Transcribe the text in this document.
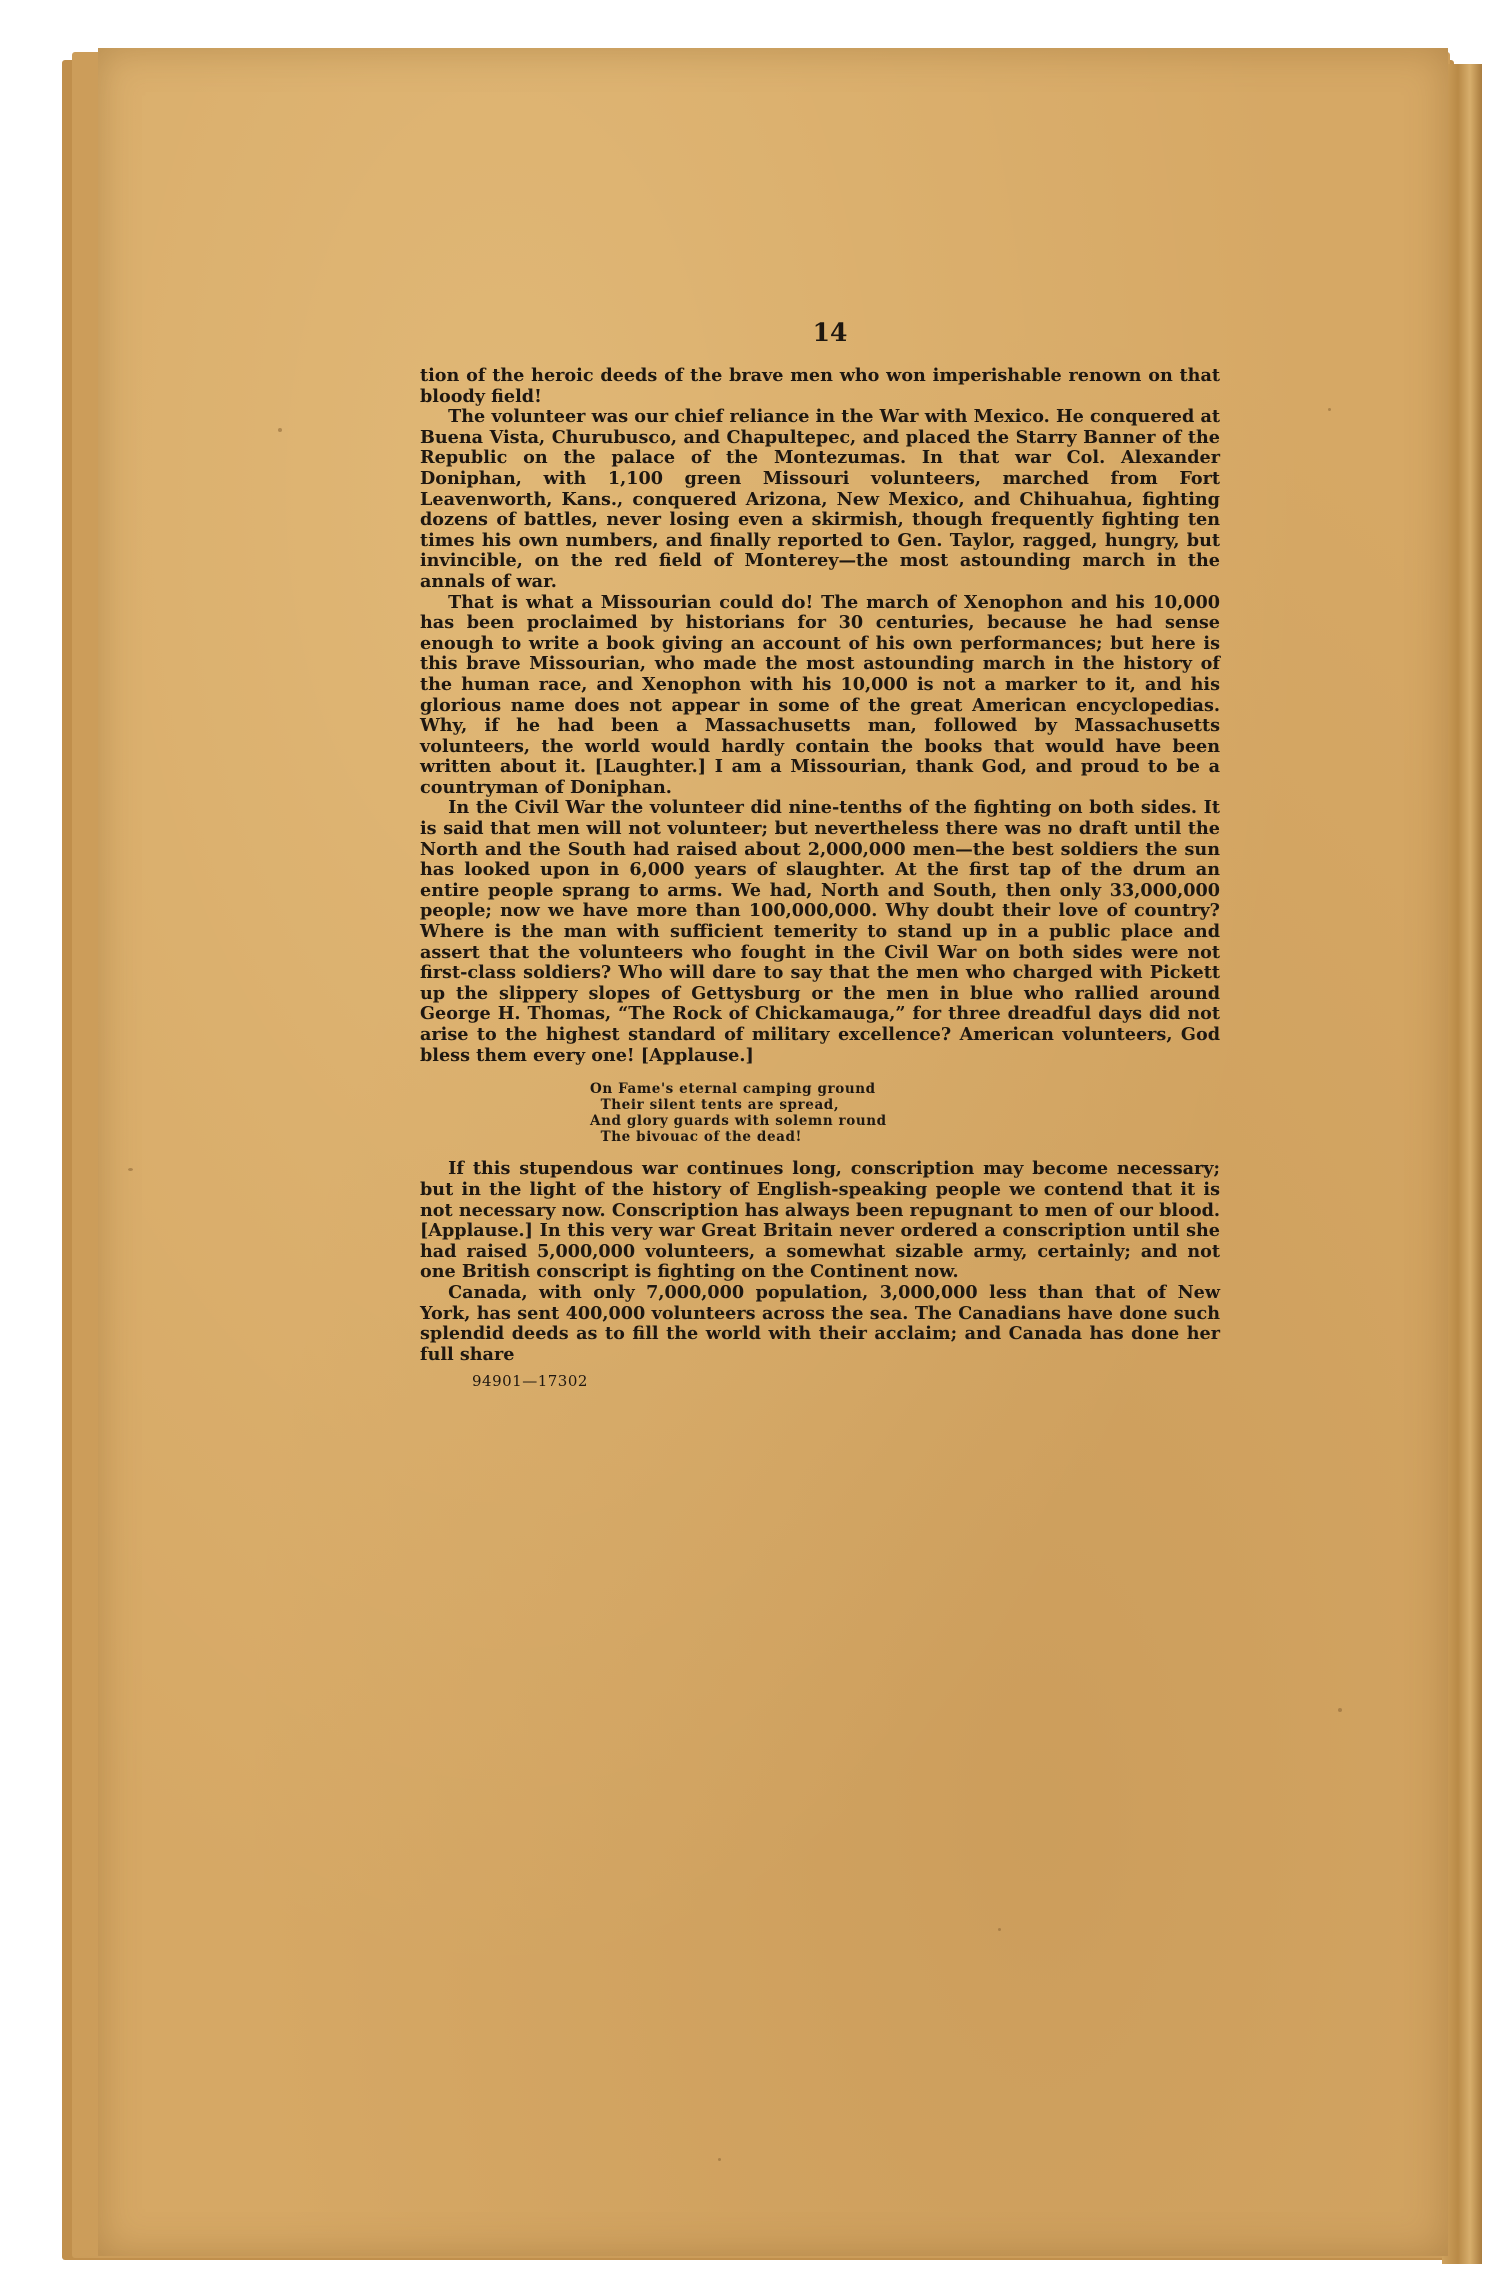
14

tion of the heroic deeds of the brave men who won imperishable renown on that bloody field!

The volunteer was our chief reliance in the War with Mexico. He conquered at Buena Vista, Churubusco, and Chapultepec, and placed the Starry Banner of the Republic on the palace of the Montezumas. In that war Col. Alexander Doniphan, with 1,100 green Missouri volunteers, marched from Fort Leavenworth, Kans., conquered Arizona, New Mexico, and Chihuahua, fighting dozens of battles, never losing even a skirmish, though frequently fighting ten times his own numbers, and finally reported to Gen. Taylor, ragged, hungry, but invincible, on the red field of Monterey—the most astounding march in the annals of war.

That is what a Missourian could do! The march of Xenophon and his 10,000 has been proclaimed by historians for 30 centuries, because he had sense enough to write a book giving an account of his own performances; but here is this brave Missourian, who made the most astounding march in the history of the human race, and Xenophon with his 10,000 is not a marker to it, and his glorious name does not appear in some of the great American encyclopedias. Why, if he had been a Massachusetts man, followed by Massachusetts volunteers, the world would hardly contain the books that would have been written about it. [Laughter.] I am a Missourian, thank God, and proud to be a countryman of Doniphan.

In the Civil War the volunteer did nine-tenths of the fighting on both sides. It is said that men will not volunteer; but nevertheless there was no draft until the North and the South had raised about 2,000,000 men—the best soldiers the sun has looked upon in 6,000 years of slaughter. At the first tap of the drum an entire people sprang to arms. We had, North and South, then only 33,000,000 people; now we have more than 100,000,000. Why doubt their love of country? Where is the man with sufficient temerity to stand up in a public place and assert that the volunteers who fought in the Civil War on both sides were not first-class soldiers? Who will dare to say that the men who charged with Pickett up the slippery slopes of Gettysburg or the men in blue who rallied around George H. Thomas, “The Rock of Chickamauga,” for three dreadful days did not arise to the highest standard of military excellence? American volunteers, God bless them every one! [Applause.]

On Fame's eternal camping ground
Their silent tents are spread,
And glory guards with solemn round
The bivouac of the dead!

If this stupendous war continues long, conscription may become necessary; but in the light of the history of English-speaking people we contend that it is not necessary now. Conscription has always been repugnant to men of our blood. [Applause.] In this very war Great Britain never ordered a conscription until she had raised 5,000,000 volunteers, a somewhat sizable army, certainly; and not one British conscript is fighting on the Continent now.

Canada, with only 7,000,000 population, 3,000,000 less than that of New York, has sent 400,000 volunteers across the sea. The Canadians have done such splendid deeds as to fill the world with their acclaim; and Canada has done her full share

94901—17302
